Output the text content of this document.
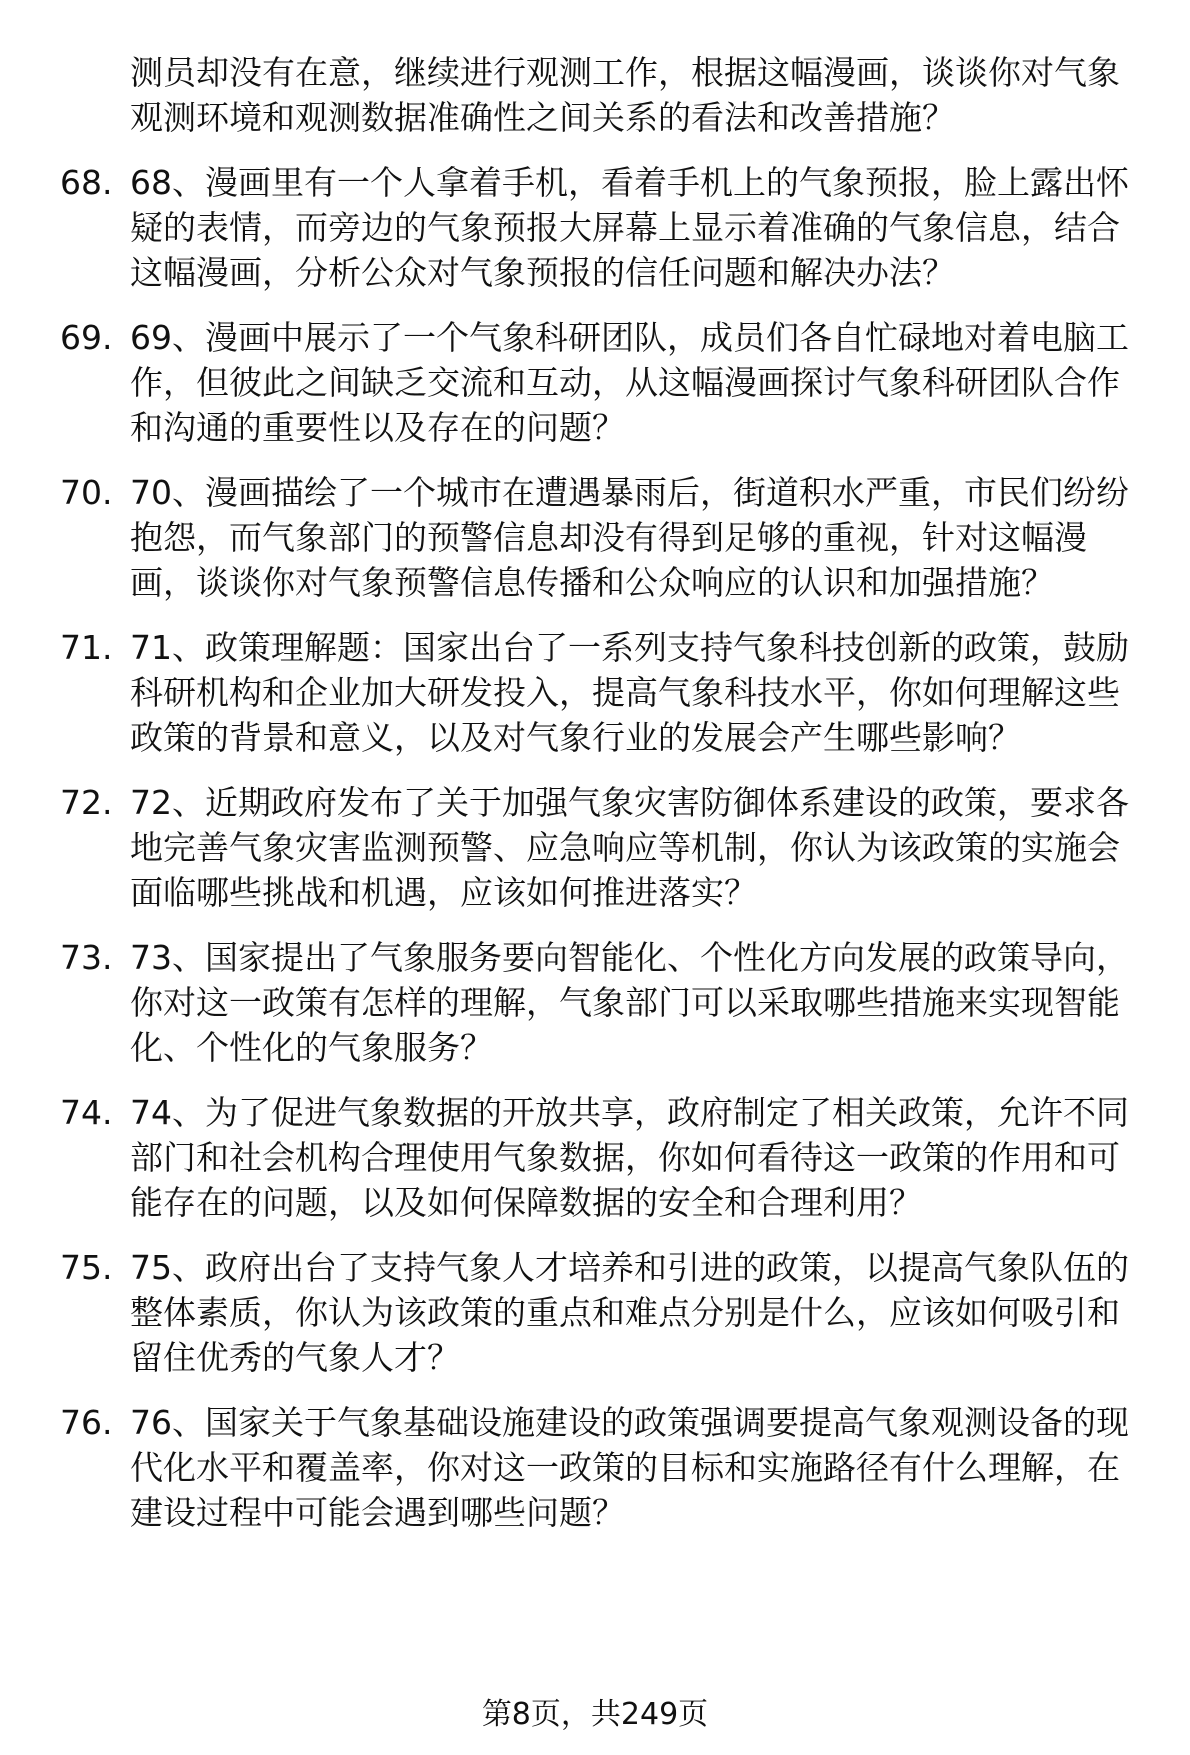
测员却没有在意，继续进行观测工作，根据这幅漫画，谈谈你对气象观测环境和观测数据准确性之间关系的看法和改善措施？
68. 68、漫画里有一个人拿着手机，看着手机上的气象预报，脸上露出怀疑的表情，而旁边的气象预报大屏幕上显示着准确的气象信息，结合这幅漫画，分析公众对气象预报的信任问题和解决办法？
69. 69、漫画中展示了一个气象科研团队，成员们各自忙碌地对着电脑工作，但彼此之间缺乏交流和互动，从这幅漫画探讨气象科研团队合作和沟通的重要性以及存在的问题？
70. 70、漫画描绘了一个城市在遭遇暴雨后，街道积水严重，市民们纷纷抱怨，而气象部门的预警信息却没有得到足够的重视，针对这幅漫画，谈谈你对气象预警信息传播和公众响应的认识和加强措施？
71. 71、政策理解题：国家出台了一系列支持气象科技创新的政策，鼓励科研机构和企业加大研发投入，提高气象科技水平，你如何理解这些政策的背景和意义，以及对气象行业的发展会产生哪些影响？
72. 72、近期政府发布了关于加强气象灾害防御体系建设的政策，要求各地完善气象灾害监测预警、应急响应等机制，你认为该政策的实施会面临哪些挑战和机遇，应该如何推进落实？
73. 73、国家提出了气象服务要向智能化、个性化方向发展的政策导向，你对这一政策有怎样的理解，气象部门可以采取哪些措施来实现智能化、个性化的气象服务？
74. 74、为了促进气象数据的开放共享，政府制定了相关政策，允许不同部门和社会机构合理使用气象数据，你如何看待这一政策的作用和可能存在的问题，以及如何保障数据的安全和合理利用？
75. 75、政府出台了支持气象人才培养和引进的政策，以提高气象队伍的整体素质，你认为该政策的重点和难点分别是什么，应该如何吸引和留住优秀的气象人才？
76. 76、国家关于气象基础设施建设的政策强调要提高气象观测设备的现代化水平和覆盖率，你对这一政策的目标和实施路径有什么理解，在建设过程中可能会遇到哪些问题？
第8页，共249页
